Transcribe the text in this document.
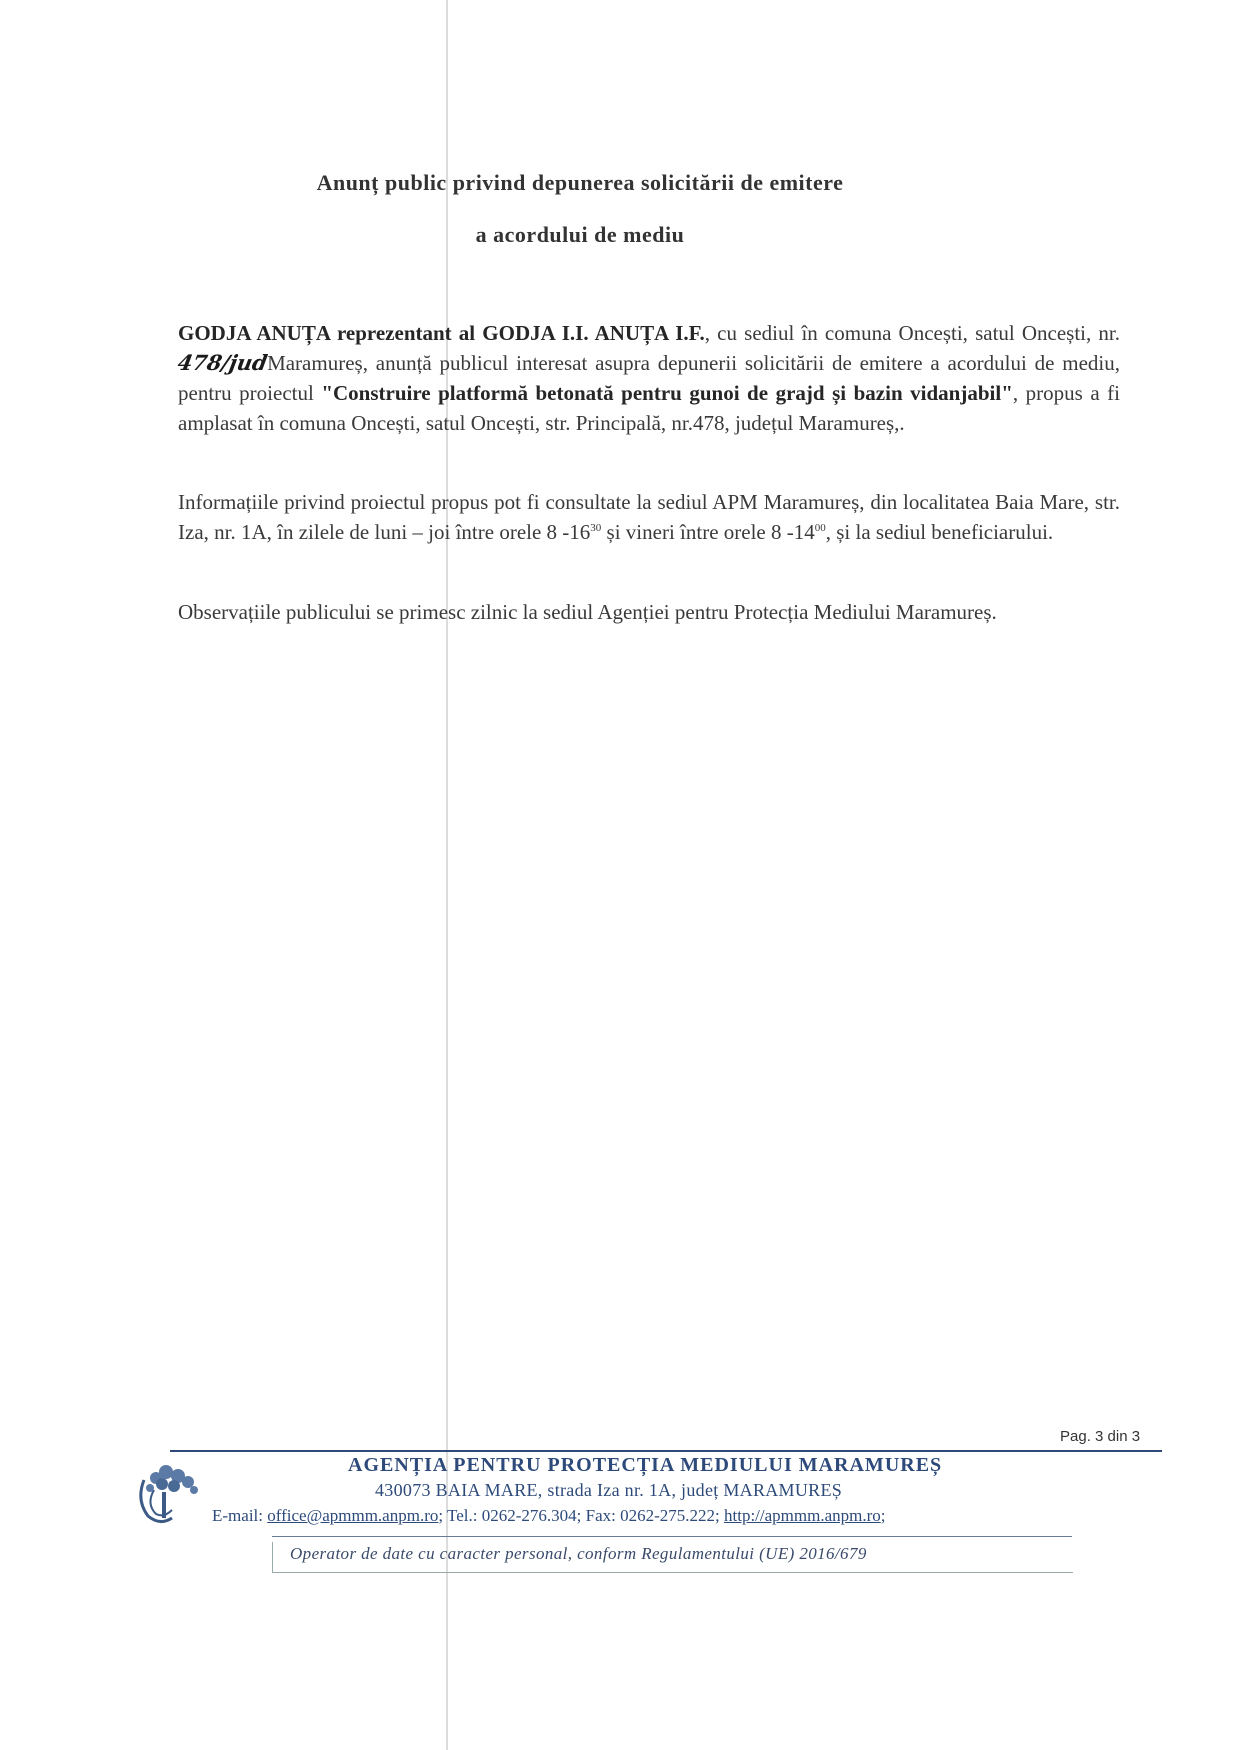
Anunț public privind depunerea solicitării de emitere
a acordului de mediu
GODJA ANUȚA reprezentant al GODJA I.I. ANUȚA I.F., cu sediul în comuna Oncești, satul Oncești, nr.478/judMaramureș, anunță publicul interesat asupra depunerii solicitării de emitere a acordului de mediu, pentru proiectul "Construire platformă betonată pentru gunoi de grajd și bazin vidanjabil", propus a fi amplasat în comuna Oncești, satul Oncești, str. Principală, nr.478, județul Maramureș,.
Informațiile privind proiectul propus pot fi consultate la sediul APM Maramureș, din localitatea Baia Mare, str. Iza, nr. 1A, în zilele de luni – joi între orele 8 $-16^{30}$ și vineri între orele 8 $-14^{00}$, și la sediul beneficiarului.
Observațiile publicului se primesc zilnic la sediul Agenției pentru Protecția Mediului Maramureș.
Pag. 3 din 3
AGENȚIA PENTRU PROTECȚIA MEDIULUI MARAMUREȘ
430073 BAIA MARE, strada Iza nr. 1A, județ MARAMUREȘ
E-mail: office@apmmm.anpm.ro; Tel.: 0262-276.304; Fax: 0262-275.222; http://apmmm.anpm.ro;
Operator de date cu caracter personal, conform Regulamentului (UE) 2016/679
